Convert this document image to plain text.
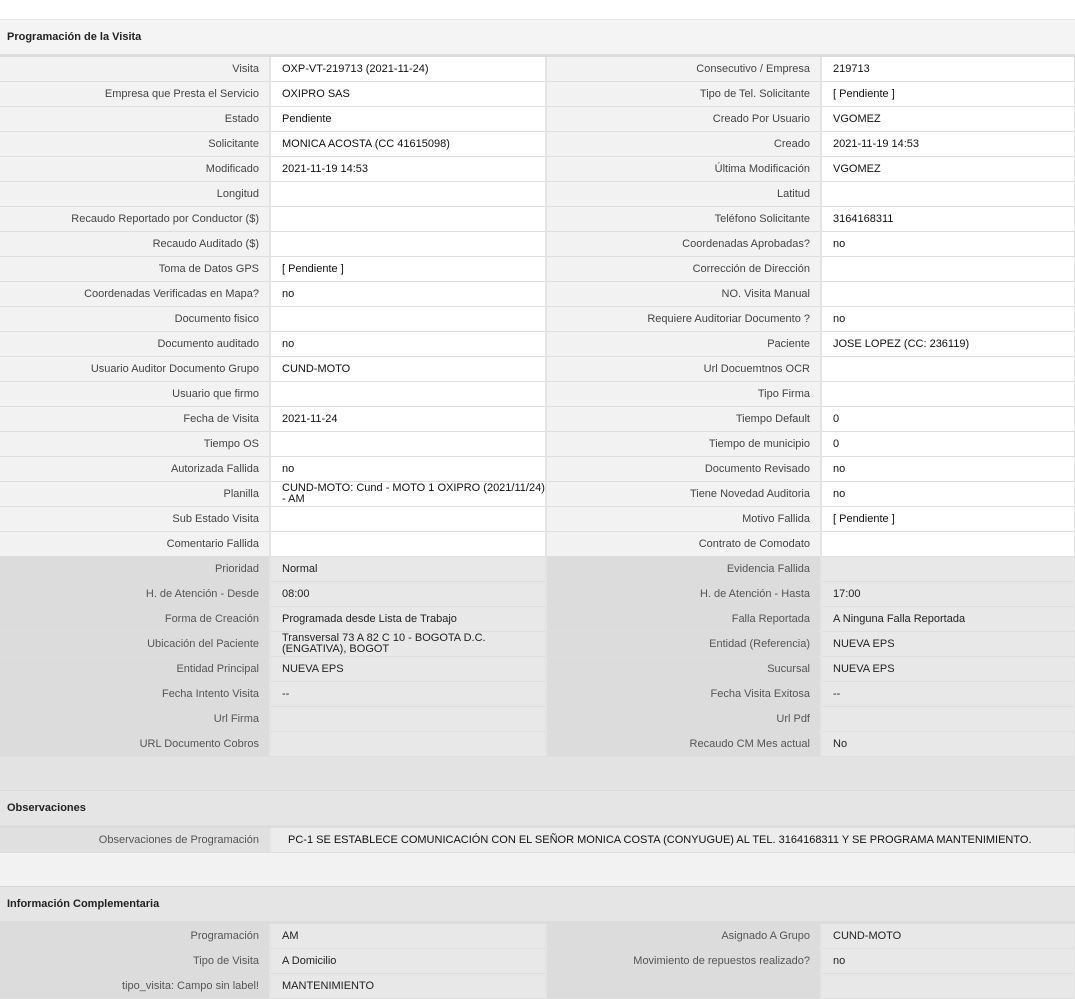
Programación de la Visita
Visita	OXP-VT-219713 (2021-11-24)	Consecutivo / Empresa	219713
Empresa que Presta el Servicio	OXIPRO SAS	Tipo de Tel. Solicitante	[ Pendiente ]
Estado	Pendiente	Creado Por Usuario	VGOMEZ
Solicitante	MONICA ACOSTA (CC 41615098)	Creado	2021-11-19 14:53
Modificado	2021-11-19 14:53	Última Modificación	VGOMEZ
Longitud		Latitud	
Recaudo Reportado por Conductor ($)		Teléfono Solicitante	3164168311
Recaudo Auditado ($)		Coordenadas Aprobadas?	no
Toma de Datos GPS	[ Pendiente ]	Corrección de Dirección	
Coordenadas Verificadas en Mapa?	no	NO. Visita Manual	
Documento fisico		Requiere Auditoriar Documento ?	no
Documento auditado	no	Paciente	JOSE LOPEZ (CC: 236119)
Usuario Auditor Documento Grupo	CUND-MOTO	Url Docuemtnos OCR	
Usuario que firmo		Tipo Firma	
Fecha de Visita	2021-11-24	Tiempo Default	0
Tiempo OS		Tiempo de municipio	0
Autorizada Fallida	no	Documento Revisado	no
Planilla	CUND-MOTO: Cund - MOTO 1 OXIPRO (2021/11/24) - AM	Tiene Novedad Auditoria	no
Sub Estado Visita		Motivo Fallida	[ Pendiente ]
Comentario Fallida		Contrato de Comodato	
Prioridad	Normal	Evidencia Fallida	
H. de Atención - Desde	08:00	H. de Atención - Hasta	17:00
Forma de Creación	Programada desde Lista de Trabajo	Falla Reportada	A Ninguna Falla Reportada
Ubicación del Paciente	Transversal 73 A 82 C 10 - BOGOTA D.C. (ENGATIVA), BOGOT	Entidad (Referencia)	NUEVA EPS
Entidad Principal	NUEVA EPS	Sucursal	NUEVA EPS
Fecha Intento Visita	--	Fecha Visita Exitosa	--
Url Firma		Url Pdf	
URL Documento Cobros		Recaudo CM Mes actual	No
Observaciones
Observaciones de Programación	PC-1 SE ESTABLECE COMUNICACIÓN CON EL SEÑOR MONICA COSTA (CONYUGUE) AL TEL. 3164168311 Y SE PROGRAMA MANTENIMIENTO.
Información Complementaria
Programación	AM	Asignado A Grupo	CUND-MOTO
Tipo de Visita	A Domicilio	Movimiento de repuestos realizado?	no
tipo_visita: Campo sin label!	MANTENIMIENTO		
